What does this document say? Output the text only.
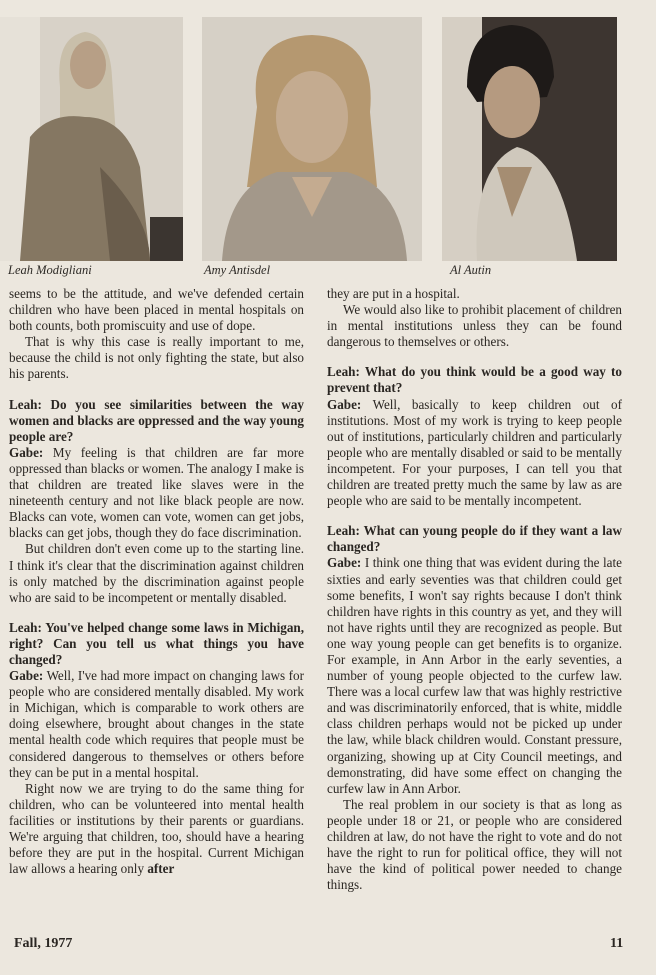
Leah Modigliani	Amy Antisdel	Al Autin

seems to be the attitude, and we've defended certain children who have been placed in mental hospitals on both counts, both promiscuity and use of dope.

That is why this case is really important to me, because the child is not only fighting the state, but also his parents.

Leah: Do you see similarities between the way women and blacks are oppressed and the way young people are?

Gabe: My feeling is that children are far more oppressed than blacks or women. The analogy I make is that children are treated like slaves were in the nineteenth century and not like black people are now. Blacks can vote, women can vote, women can get jobs, blacks can get jobs, though they do face discrimination.

But children don't even come up to the starting line. I think it's clear that the discrimination against children is only matched by the discrimination against people who are said to be incompetent or mentally disabled.

Leah: You've helped change some laws in Michigan, right? Can you tell us what things you have changed?

Gabe: Well, I've had more impact on changing laws for people who are considered mentally disabled. My work in Michigan, which is comparable to work others are doing elsewhere, brought about changes in the state mental health code which requires that people must be considered dangerous to themselves or others before they can be put in a mental hospital.

Right now we are trying to do the same thing for children, who can be volunteered into mental health facilities or institutions by their parents or guardians. We're arguing that children, too, should have a hearing before they are put in the hospital. Current Michigan law allows a hearing only after

they are put in a hospital.

We would also like to prohibit placement of children in mental institutions unless they can be found dangerous to themselves or others.

Leah: What do you think would be a good way to prevent that?

Gabe: Well, basically to keep children out of institutions. Most of my work is trying to keep people out of institutions, particularly children and particularly people who are mentally disabled or said to be mentally incompetent. For your purposes, I can tell you that children are treated pretty much the same by law as are people who are said to be mentally incompetent.

Leah: What can young people do if they want a law changed?

Gabe: I think one thing that was evident during the late sixties and early seventies was that children could get some benefits, I won't say rights because I don't think children have rights in this country as yet, and they will not have rights until they are recognized as people. But one way young people can get benefits is to organize. For example, in Ann Arbor in the early seventies, a number of young people objected to the curfew law. There was a local curfew law that was highly restrictive and was discriminatorily enforced, that is white, middle class children perhaps would not be picked up under the law, while black children would. Constant pressure, organizing, showing up at City Council meetings, and demonstrating, did have some effect on changing the curfew law in Ann Arbor.

The real problem in our society is that as long as people under 18 or 21, or people who are considered children at law, do not have the right to vote and do not have the right to run for political office, they will not have the kind of political power needed to change things.

Fall, 1977	11
